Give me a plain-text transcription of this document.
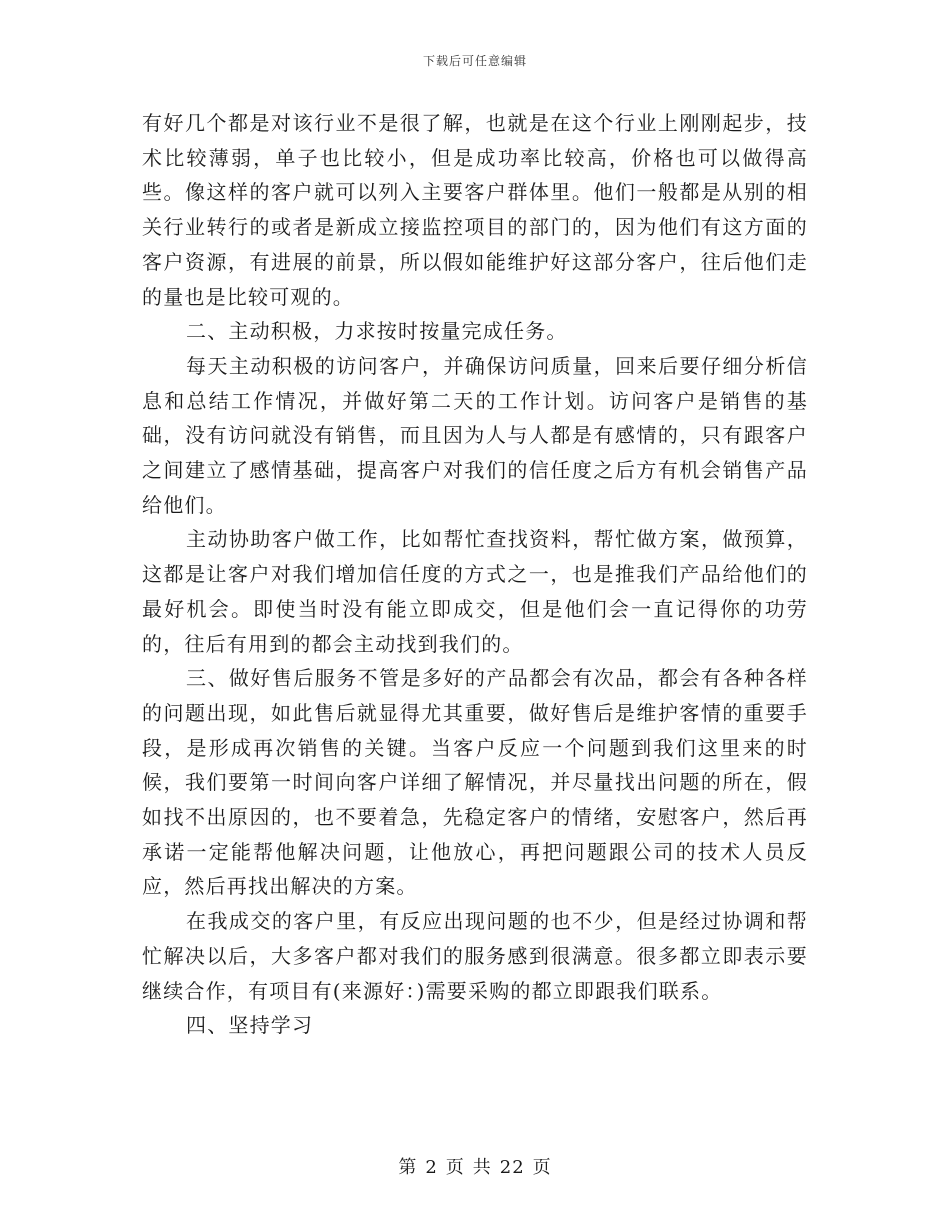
下载后可任意编辑

有好几个都是对该行业不是很了解，也就是在这个行业上刚刚起步，技术比较薄弱，单子也比较小，但是成功率比较高，价格也可以做得高些。像这样的客户就可以列入主要客户群体里。他们一般都是从别的相关行业转行的或者是新成立接监控项目的部门的，因为他们有这方面的客户资源，有进展的前景，所以假如能维护好这部分客户，往后他们走的量也是比较可观的。

二、主动积极，力求按时按量完成任务。

每天主动积极的访问客户，并确保访问质量，回来后要仔细分析信息和总结工作情况，并做好第二天的工作计划。访问客户是销售的基础，没有访问就没有销售，而且因为人与人都是有感情的，只有跟客户之间建立了感情基础，提高客户对我们的信任度之后方有机会销售产品给他们。

主动协助客户做工作，比如帮忙查找资料，帮忙做方案，做预算，这都是让客户对我们增加信任度的方式之一，也是推我们产品给他们的最好机会。即使当时没有能立即成交，但是他们会一直记得你的功劳的，往后有用到的都会主动找到我们的。

三、做好售后服务不管是多好的产品都会有次品，都会有各种各样的问题出现，如此售后就显得尤其重要，做好售后是维护客情的重要手段，是形成再次销售的关键。当客户反应一个问题到我们这里来的时候，我们要第一时间向客户详细了解情况，并尽量找出问题的所在，假如找不出原因的，也不要着急，先稳定客户的情绪，安慰客户，然后再承诺一定能帮他解决问题，让他放心，再把问题跟公司的技术人员反应，然后再找出解决的方案。

在我成交的客户里，有反应出现问题的也不少，但是经过协调和帮忙解决以后，大多客户都对我们的服务感到很满意。很多都立即表示要继续合作，有项目有(来源好：)需要采购的都立即跟我们联系。

四、坚持学习

第 2 页 共 22 页
